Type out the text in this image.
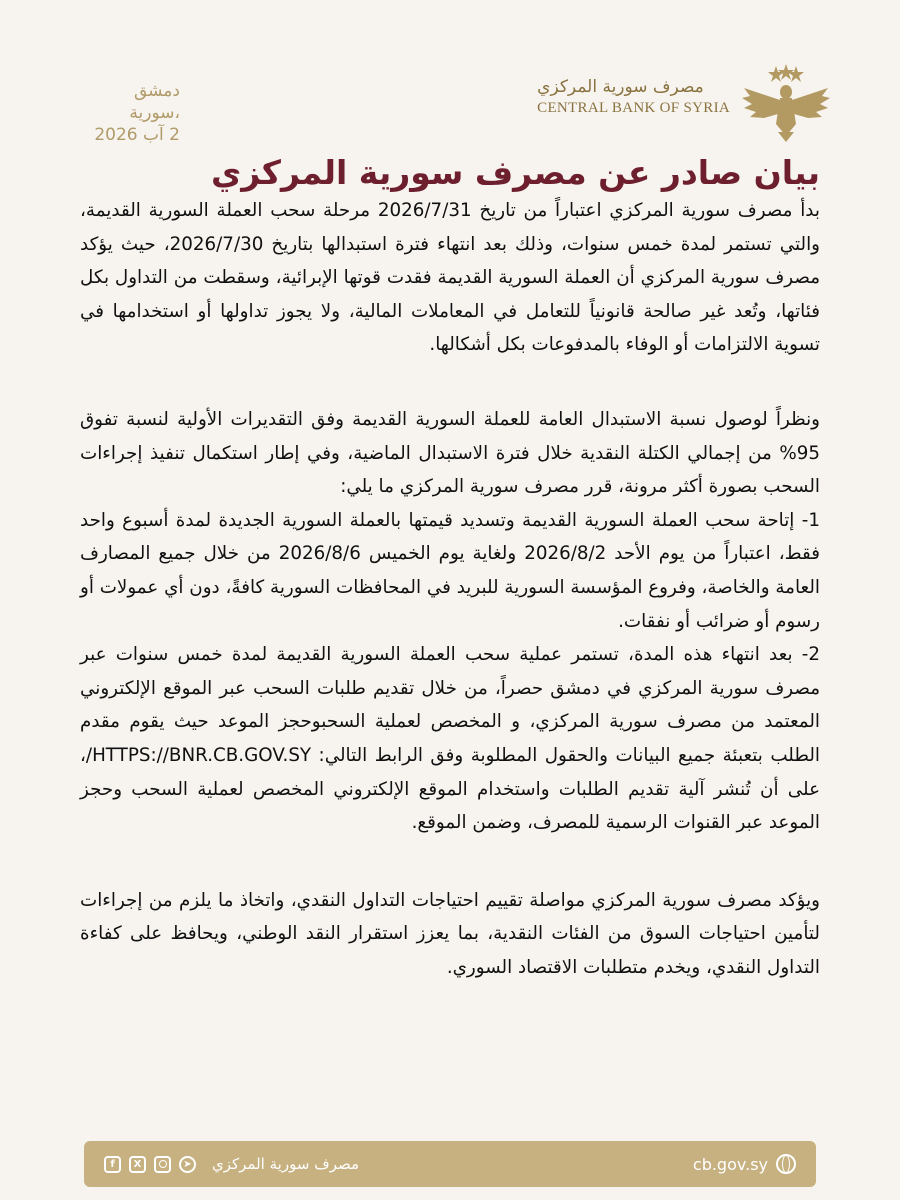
مصرف سورية المركزي
CENTRAL BANK OF SYRIA
دمشق ،سورية
2 آب 2026
بيان صادر عن مصرف سورية المركزي

بدأ مصرف سورية المركزي اعتباراً من تاريخ 2026/7/31 مرحلة سحب العملة السورية القديمة، والتي تستمر لمدة خمس سنوات، وذلك بعد انتهاء فترة استبدالها بتاريخ 2026/7/30، حيث يؤكد مصرف سورية المركزي أن العملة السورية القديمة فقدت قوتها الإبرائية، وسقطت من التداول بكل فئاتها، وتُعد غير صالحة قانونياً للتعامل في المعاملات المالية، ولا يجوز تداولها أو استخدامها في تسوية الالتزامات أو الوفاء بالمدفوعات بكل أشكالها.

ونظراً لوصول نسبة الاستبدال العامة للعملة السورية القديمة وفق التقديرات الأولية لنسبة تفوق 95% من إجمالي الكتلة النقدية خلال فترة الاستبدال الماضية، وفي إطار استكمال تنفيذ إجراءات السحب بصورة أكثر مرونة، قرر مصرف سورية المركزي ما يلي:

1- إتاحة سحب العملة السورية القديمة وتسديد قيمتها بالعملة السورية الجديدة لمدة أسبوع واحد فقط، اعتباراً من يوم الأحد 2026/8/2 ولغاية يوم الخميس 2026/8/6 من خلال جميع المصارف العامة والخاصة، وفروع المؤسسة السورية للبريد في المحافظات السورية كافةً، دون أي عمولات أو رسوم أو ضرائب أو نفقات.

2- بعد انتهاء هذه المدة، تستمر عملية سحب العملة السورية القديمة لمدة خمس سنوات عبر مصرف سورية المركزي في دمشق حصراً، من خلال تقديم طلبات السحب عبر الموقع الإلكتروني المعتمد من مصرف سورية المركزي، و المخصص لعملية السحبوحجز الموعد حيث يقوم مقدم الطلب بتعبئة جميع البيانات والحقول المطلوبة وفق الرابط التالي: HTTPS://BNR.CB.GOV.SY/، على أن تُنشر آلية تقديم الطلبات واستخدام الموقع الإلكتروني المخصص لعملية السحب وحجز الموعد عبر القنوات الرسمية للمصرف، وضمن الموقع.

ويؤكد مصرف سورية المركزي مواصلة تقييم احتياجات التداول النقدي، واتخاذ ما يلزم من إجراءات لتأمين احتياجات السوق من الفئات النقدية، بما يعزز استقرار النقد الوطني، ويحافظ على كفاءة التداول النقدي، ويخدم متطلبات الاقتصاد السوري.

cb.gov.sy
f	X	➤ مصرف سورية المركزي
